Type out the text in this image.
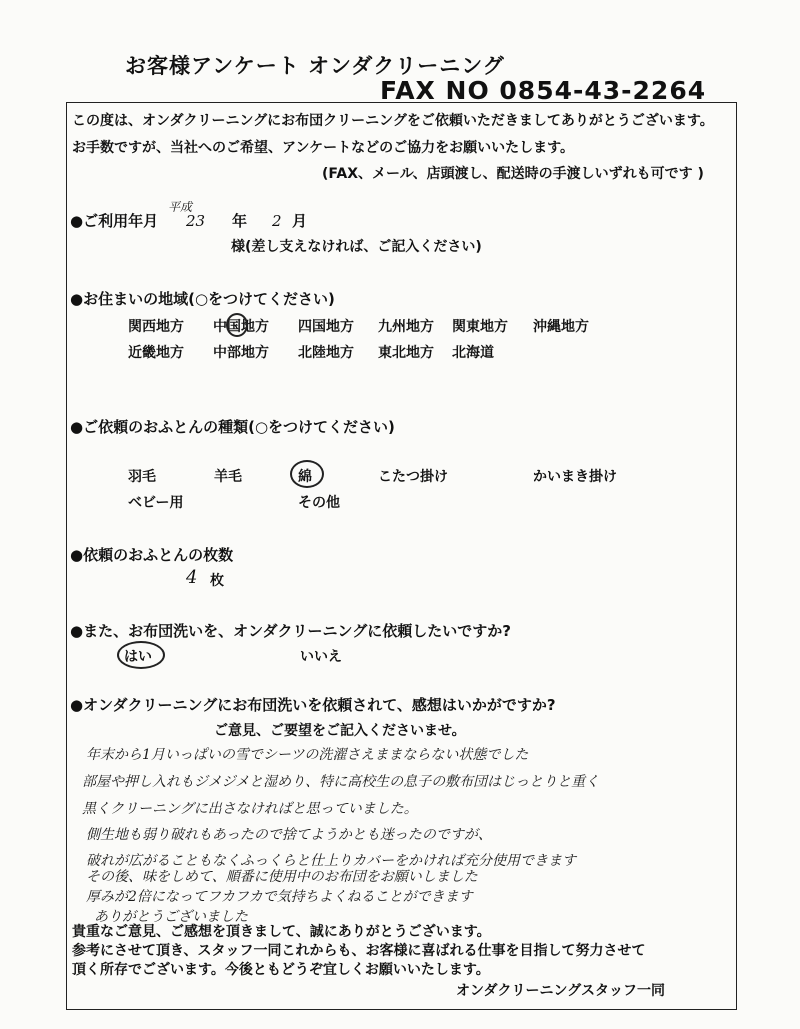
お客様アンケート オンダクリーニング
FAX NO 0854-43-2264
この度は、オンダクリーニングにお布団クリーニングをご依頼いただきましてありがとうございます。
お手数ですが、当社へのご希望、アンケートなどのご協力をお願いいたします。
(FAX、メール、店頭渡し、配送時の手渡しいずれも可です )
●ご利用年月
平成
23 年 2 月
様(差し支えなければ、ご記入ください)
●お住まいの地域(○をつけてください)
関西地方 中国地方 四国地方 九州地方 関東地方 沖縄地方
近畿地方 中部地方 北陸地方 東北地方 北海道
●ご依頼のおふとんの種類(○をつけてください)
羽毛	羊毛	綿	こたつ掛け	かいまき掛け
ベビー用	その他
●依頼のおふとんの枚数
4 枚
●また、お布団洗いを、オンダクリーニングに依頼したいですか?
はい	いいえ
●オンダクリーニングにお布団洗いを依頼されて、感想はいかがですか?
ご意見、ご要望をご記入くださいませ。
年末から1月いっぱいの雪でシーツの洗濯さえままならない状態でした
部屋や押し入れもジメジメと湿めり、特に高校生の息子の敷布団はじっとりと重く
黒くクリーニングに出さなければと思っていました。
側生地も弱り破れもあったので捨てようかとも迷ったのですが、
破れが広がることもなくふっくらと仕上りカバーをかければ充分使用できます
その後、味をしめて、順番に使用中のお布団をお願いしました
厚みが2倍になってフカフカで気持ちよくねることができます
ありがとうございました
貴重なご意見、ご感想を頂きまして、誠にありがとうございます。
参考にさせて頂き、スタッフ一同これからも、お客様に喜ばれる仕事を目指して努力させて
頂く所存でございます。今後ともどうぞ宜しくお願いいたします。
オンダクリーニングスタッフ一同
